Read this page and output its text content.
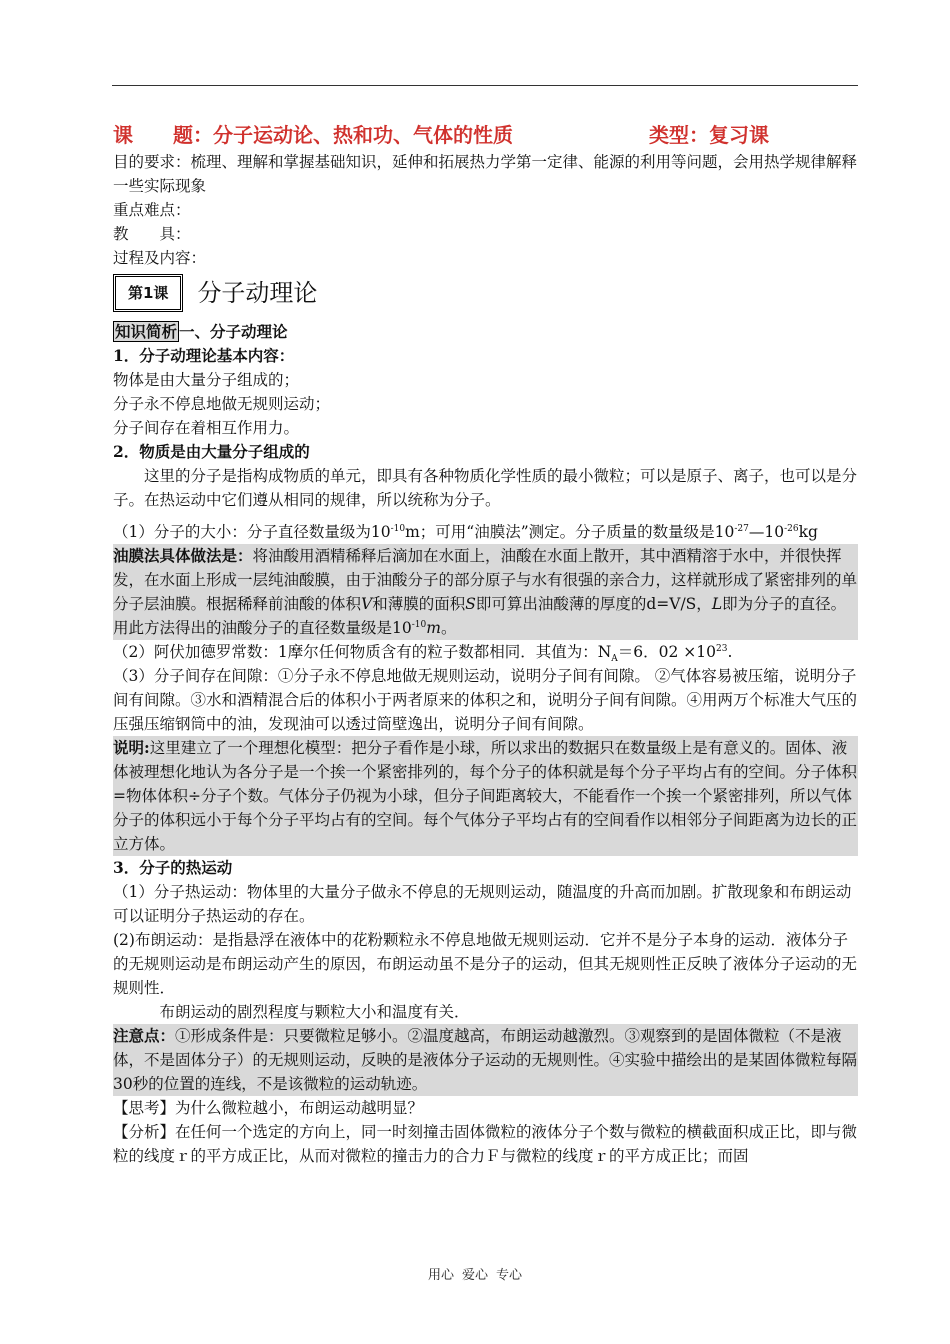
课　　题：分子运动论、热和功、气体的性质	类型：复习课

目的要求：梳理、理解和掌握基础知识，延伸和拓展热力学第一定律、能源的利用等问题，会用热学规律解释一些实际现象

重点难点：

教　　具：

过程及内容：

第1课	分子动理论

知识简析 一、分子动理论

1．分子动理论基本内容：

物体是由大量分子组成的；

分子永不停息地做无规则运动；

分子间存在着相互作用力。

2．物质是由大量分子组成的

这里的分子是指构成物质的单元，即具有各种物质化学性质的最小微粒；可以是原子、离子，也可以是分子。在热运动中它们遵从相同的规律，所以统称为分子。

（1）分子的大小：分子直径数量级为$10^{-10}m$；可用“油膜法”测定。分子质量的数量级是$10^{-27}—10^{-26}kg$

油膜法具体做法是：将油酸用酒精稀释后滴加在水面上，油酸在水面上散开，其中酒精溶于水中，并很快挥发，在水面上形成一层纯油酸膜，由于油酸分子的部分原子与水有很强的亲合力，这样就形成了紧密排列的单分子层油膜。根据稀释前油酸的体积V和薄膜的面积S即可算出油酸薄的厚度的d=V/S，L即为分子的直径。用此方法得出的油酸分子的直径数量级是$10^{-10}m$。

（2）阿伏加德罗常数：1摩尔任何物质含有的粒子数都相同．其值为：$N_A=6$．$02 \times 10^{23}$.

（3）分子间存在间隙：①分子永不停息地做无规则运动，说明分子间有间隙。 ②气体容易被压缩，说明分子间有间隙。③水和酒精混合后的体积小于两者原来的体积之和，说明分子间有间隙。④用两万个标准大气压的压强压缩钢筒中的油，发现油可以透过筒壁逸出，说明分子间有间隙。

说明:这里建立了一个理想化模型：把分子看作是小球，所以求出的数据只在数量级上是有意义的。固体、液体被理想化地认为各分子是一个挨一个紧密排列的，每个分子的体积就是每个分子平均占有的空间。分子体积=物体体积÷分子个数。气体分子仍视为小球，但分子间距离较大，不能看作一个挨一个紧密排列，所以气体分子的体积远小于每个分子平均占有的空间。每个气体分子平均占有的空间看作以相邻分子间距离为边长的正立方体。

3．分子的热运动

（1）分子热运动：物体里的大量分子做永不停息的无规则运动，随温度的升高而加剧。扩散现象和布朗运动可以证明分子热运动的存在。

(2)布朗运动：是指悬浮在液体中的花粉颗粒永不停息地做无规则运动．它并不是分子本身的运动．液体分子的无规则运动是布朗运动产生的原因，布朗运动虽不是分子的运动，但其无规则性正反映了液体分子运动的无规则性．

布朗运动的剧烈程度与颗粒大小和温度有关．

注意点：①形成条件是：只要微粒足够小。②温度越高，布朗运动越激烈。③观察到的是固体微粒（不是液体，不是固体分子）的无规则运动，反映的是液体分子运动的无规则性。④实验中描绘出的是某固体微粒每隔30秒的位置的连线，不是该微粒的运动轨迹。

【思考】为什么微粒越小，布朗运动越明显？

【分析】在任何一个选定的方向上，同一时刻撞击固体微粒的液体分子个数与微粒的横截面积成正比，即与微粒的线度ｒ的平方成正比，从而对微粒的撞击力的合力Ｆ与微粒的线度ｒ的平方成正比；而固

用心 爱心 专心
